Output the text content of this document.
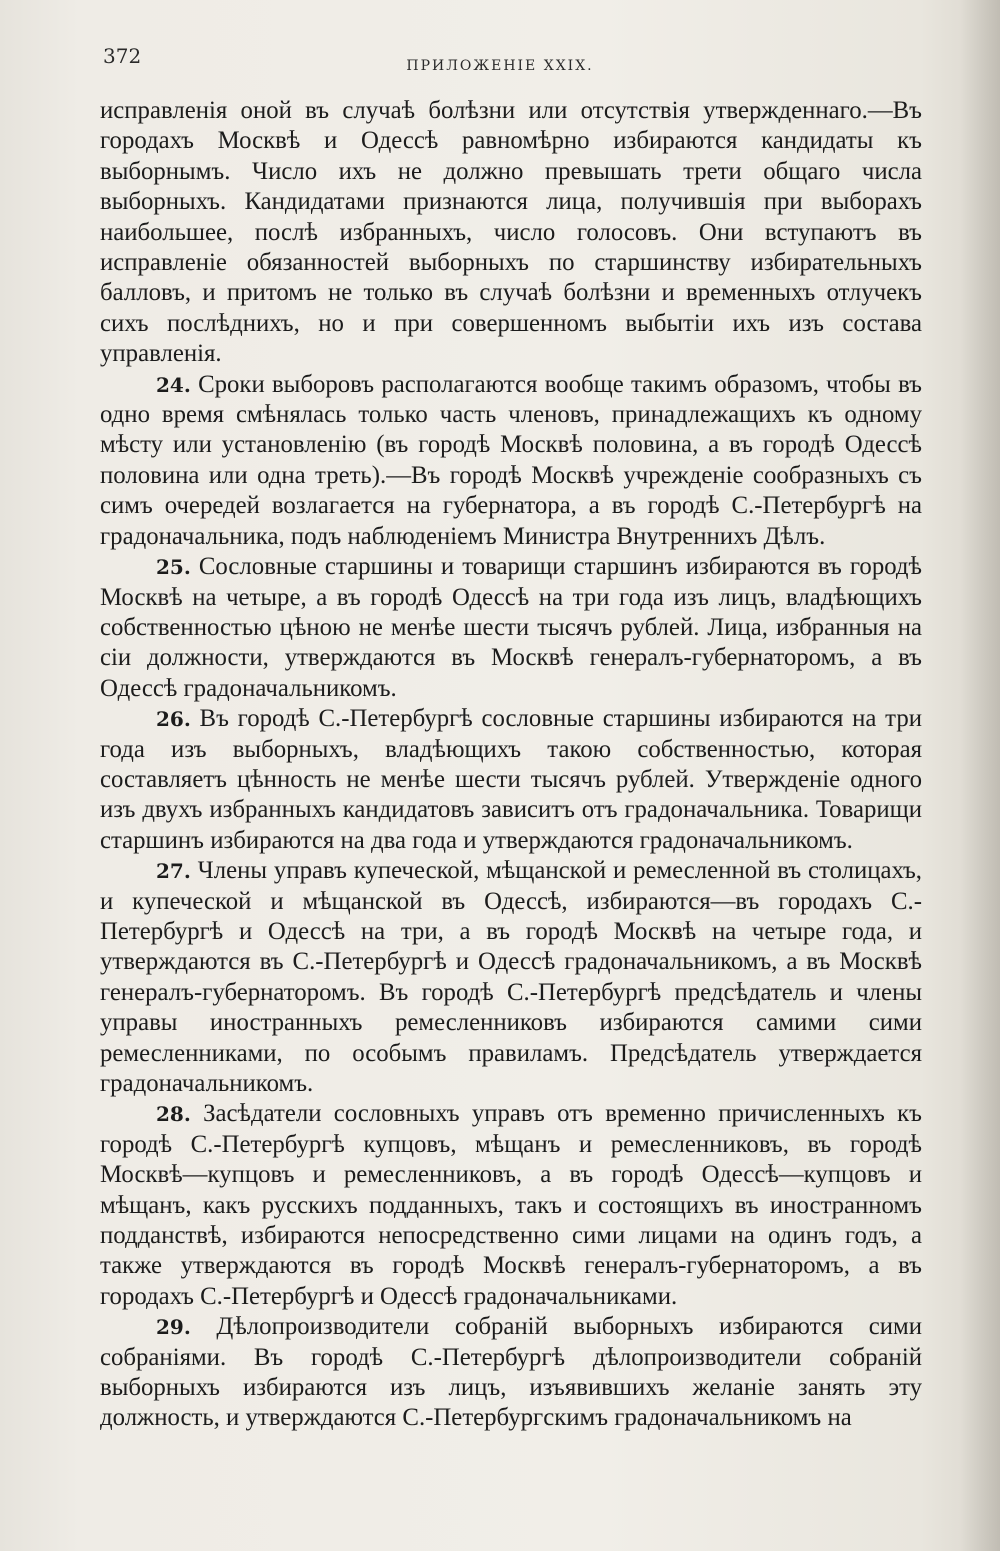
372	ПРИЛОЖЕНІЕ XXIX.

исправленія оной въ случаѣ болѣзни или отсутствія утвержденнаго.—Въ городахъ Москвѣ и Одессѣ равномѣрно избираются кандидаты къ выборнымъ. Число ихъ не должно превышать трети общаго числа выборныхъ. Кандидатами признаются лица, получившія при выборахъ наибольшее, послѣ избранныхъ, число голосовъ. Они вступаютъ въ исправленіе обязанностей выборныхъ по старшинству избирательныхъ балловъ, и притомъ не только въ случаѣ болѣзни и временныхъ отлучекъ сихъ послѣднихъ, но и при совершенномъ выбытіи ихъ изъ состава управленія.

24. Сроки выборовъ располагаются вообще такимъ образомъ, чтобы въ одно время смѣнялась только часть членовъ, принадлежащихъ къ одному мѣсту или установленію (въ городѣ Москвѣ половина, а въ городѣ Одессѣ половина или одна треть).—Въ городѣ Москвѣ учрежденіе сообразныхъ съ симъ очередей возлагается на губернатора, а въ городѣ С.-Петербургѣ на градоначальника, подъ наблюденіемъ Министра Внутреннихъ Дѣлъ.

25. Сословные старшины и товарищи старшинъ избираются въ городѣ Москвѣ на четыре, а въ городѣ Одессѣ на три года изъ лицъ, владѣющихъ собственностью цѣною не менѣе шести тысячъ рублей. Лица, избранныя на сіи должности, утверждаются въ Москвѣ генералъ-губернаторомъ, а въ Одессѣ градоначальникомъ.

26. Въ городѣ С.-Петербургѣ сословные старшины избираются на три года изъ выборныхъ, владѣющихъ такою собственностью, которая составляетъ цѣнность не менѣе шести тысячъ рублей. Утвержденіе одного изъ двухъ избранныхъ кандидатовъ зависитъ отъ градоначальника. Товарищи старшинъ избираются на два года и утверждаются градоначальникомъ.

27. Члены управъ купеческой, мѣщанской и ремесленной въ столицахъ, и купеческой и мѣщанской въ Одессѣ, избираются—въ городахъ С.-Петербургѣ и Одессѣ на три, а въ городѣ Москвѣ на четыре года, и утверждаются въ С.-Петербургѣ и Одессѣ градоначальникомъ, а въ Москвѣ генералъ-губернаторомъ. Въ городѣ С.-Петербургѣ предсѣдатель и члены управы иностранныхъ ремесленниковъ избираются самими сими ремесленниками, по особымъ правиламъ. Предсѣдатель утверждается градоначальникомъ.

28. Засѣдатели сословныхъ управъ отъ временно причисленныхъ къ городѣ С.-Петербургѣ купцовъ, мѣщанъ и ремесленниковъ, въ городѣ Москвѣ—купцовъ и ремесленниковъ, а въ городѣ Одессѣ—купцовъ и мѣщанъ, какъ русскихъ подданныхъ, такъ и состоящихъ въ иностранномъ подданствѣ, избираются непосредственно сими лицами на одинъ годъ, а также утверждаются въ городѣ Москвѣ генералъ-губернаторомъ, а въ городахъ С.-Петербургѣ и Одессѣ градоначальниками.

29. Дѣлопроизводители собраній выборныхъ избираются сими собраніями. Въ городѣ С.-Петербургѣ дѣлопроизводители собраній выборныхъ избираются изъ лицъ, изъявившихъ желаніе занять эту должность, и утверждаются С.-Петербургскимъ градоначальникомъ на
